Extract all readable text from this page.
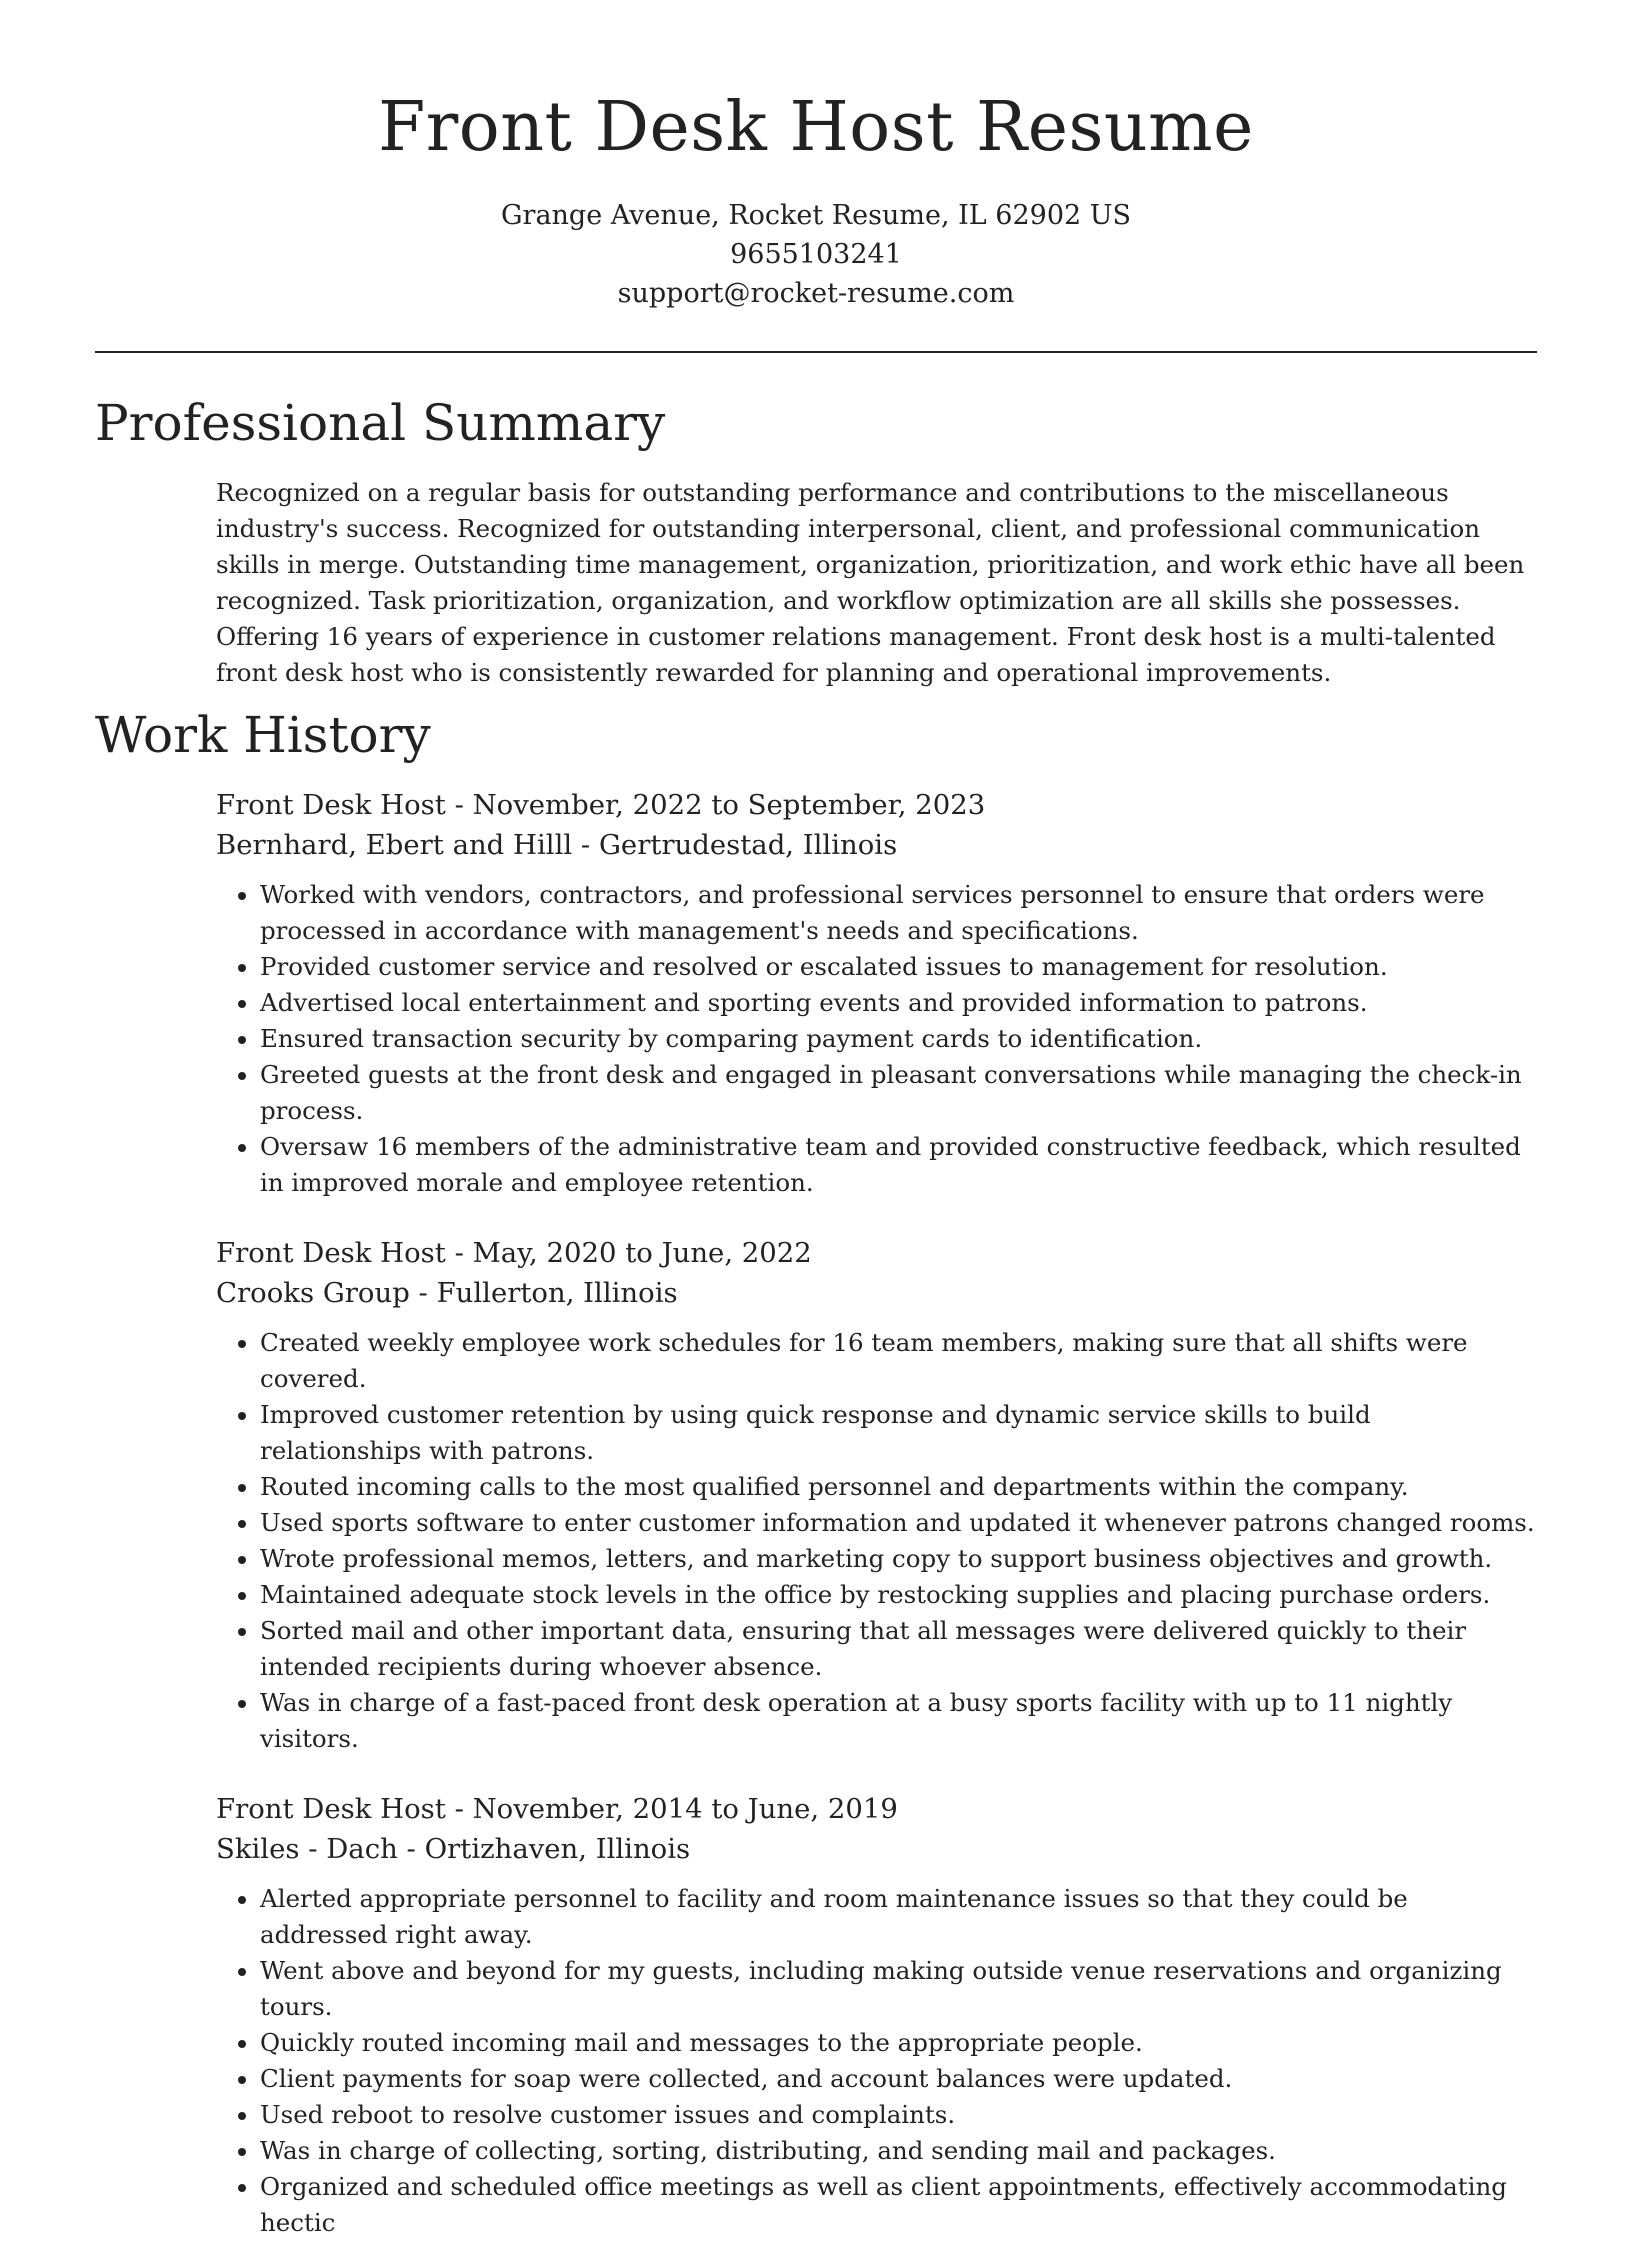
Front Desk Host Resume
Grange Avenue, Rocket Resume, IL 62902 US
9655103241
support@rocket-resume.com
Professional Summary

Recognized on a regular basis for outstanding performance and contributions to the miscellaneous industry's success. Recognized for outstanding interpersonal, client, and professional communication skills in merge. Outstanding time management, organization, prioritization, and work ethic have all been recognized. Task prioritization, organization, and workflow optimization are all skills she possesses. Offering 16 years of experience in customer relations management. Front desk host is a multi-talented front desk host who is consistently rewarded for planning and operational improvements.

Work History
Front Desk Host - November, 2022 to September, 2023
Bernhard, Ebert and Hilll - Gertrudestad, Illinois
• Worked with vendors, contractors, and professional services personnel to ensure that orders were processed in accordance with management's needs and specifications.
• Provided customer service and resolved or escalated issues to management for resolution.
• Advertised local entertainment and sporting events and provided information to patrons.
• Ensured transaction security by comparing payment cards to identification.
• Greeted guests at the front desk and engaged in pleasant conversations while managing the check-in process.
• Oversaw 16 members of the administrative team and provided constructive feedback, which resulted in improved morale and employee retention.
Front Desk Host - May, 2020 to June, 2022
Crooks Group - Fullerton, Illinois
• Created weekly employee work schedules for 16 team members, making sure that all shifts were covered.
• Improved customer retention by using quick response and dynamic service skills to build relationships with patrons.
• Routed incoming calls to the most qualified personnel and departments within the company.
• Used sports software to enter customer information and updated it whenever patrons changed rooms.
• Wrote professional memos, letters, and marketing copy to support business objectives and growth.
• Maintained adequate stock levels in the office by restocking supplies and placing purchase orders.
• Sorted mail and other important data, ensuring that all messages were delivered quickly to their intended recipients during whoever absence.
• Was in charge of a fast-paced front desk operation at a busy sports facility with up to 11 nightly visitors.
Front Desk Host - November, 2014 to June, 2019
Skiles - Dach - Ortizhaven, Illinois
• Alerted appropriate personnel to facility and room maintenance issues so that they could be addressed right away.
• Went above and beyond for my guests, including making outside venue reservations and organizing tours.
• Quickly routed incoming mail and messages to the appropriate people.
• Client payments for soap were collected, and account balances were updated.
• Used reboot to resolve customer issues and complaints.
• Was in charge of collecting, sorting, distributing, and sending mail and packages.
• Organized and scheduled office meetings as well as client appointments, effectively accommodating hectic
